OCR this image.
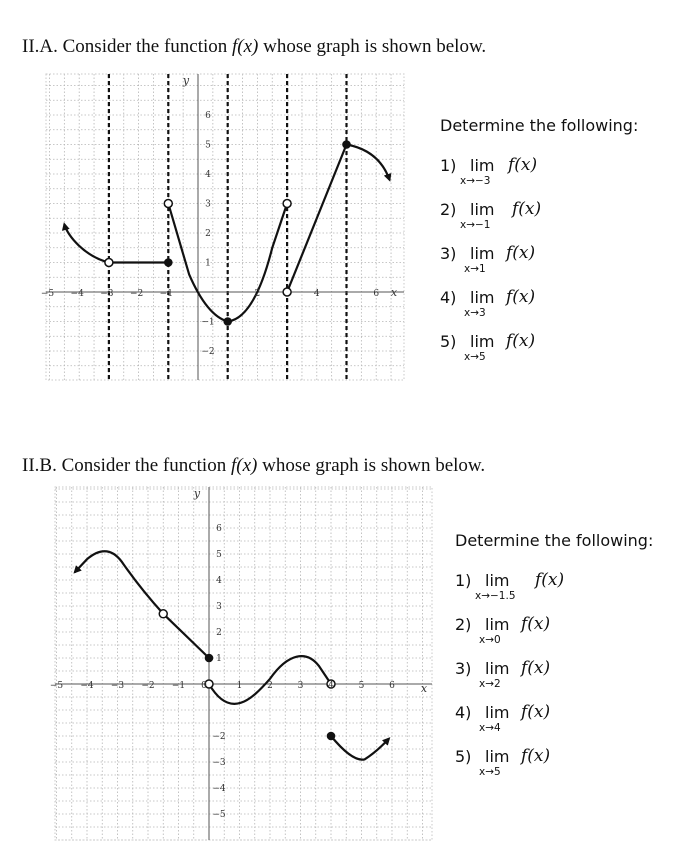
II.A. Consider the function f(x) whose graph is shown below.
−5 −4 −3 −2 −1	2	4	6
6
5
4
3
2
1
−1
−2
x
y
Determine the following:
1) lim
x→−3
f(x)
2) lim
x→−1
f(x)
3) lim
x→1
f(x)
4) lim
x→3
f(x)
5) lim
x→5
f(x)
II.B. Consider the function f(x) whose graph is shown below.
−5 −4 −3 −2 −1 0	1	2	3	4	5	6
6
5
4
3
2
1
−2
−3
−4
−5
x
y
Determine the following:
1) lim
x→−1.5
f(x)
2) lim
x→0
f(x)
3) lim
x→2
f(x)
4) lim
x→4
f(x)
5) lim
x→5
f(x)
